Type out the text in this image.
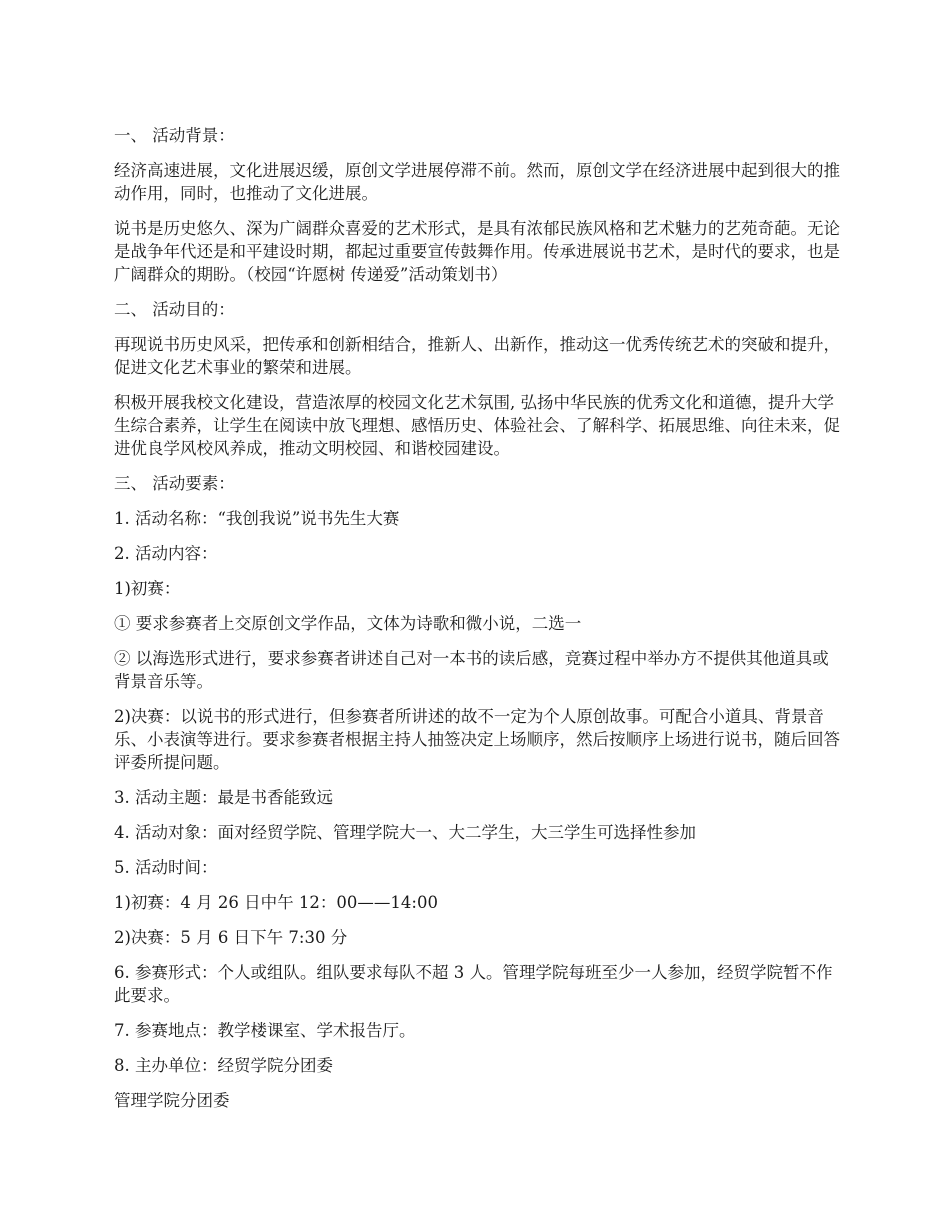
一、 活动背景：

经济高速进展，文化进展迟缓，原创文学进展停滞不前。然而，原创文学在经济进展中起到很大的推动作用，同时，也推动了文化进展。

说书是历史悠久、深为广阔群众喜爱的艺术形式，是具有浓郁民族风格和艺术魅力的艺苑奇葩。无论是战争年代还是和平建设时期，都起过重要宣传鼓舞作用。传承进展说书艺术，是时代的要求，也是广阔群众的期盼。（校园“许愿树 传递爱”活动策划书）

二、 活动目的：

再现说书历史风采，把传承和创新相结合，推新人、出新作，推动这一优秀传统艺术的突破和提升，促进文化艺术事业的繁荣和进展。

积极开展我校文化建设，营造浓厚的校园文化艺术氛围, 弘扬中华民族的优秀文化和道德，提升大学生综合素养，让学生在阅读中放飞理想、感悟历史、体验社会、了解科学、拓展思维、向往未来，促进优良学风校风养成，推动文明校园、和谐校园建设。

三、 活动要素：

1. 活动名称：“我创我说”说书先生大赛

2. 活动内容：

1)初赛：

① 要求参赛者上交原创文学作品，文体为诗歌和微小说，二选一

② 以海选形式进行，要求参赛者讲述自己对一本书的读后感，竞赛过程中举办方不提供其他道具或背景音乐等。

2)决赛：以说书的形式进行，但参赛者所讲述的故不一定为个人原创故事。可配合小道具、背景音乐、小表演等进行。要求参赛者根据主持人抽签决定上场顺序，然后按顺序上场进行说书，随后回答评委所提问题。

3. 活动主题：最是书香能致远

4. 活动对象：面对经贸学院、管理学院大一、大二学生，大三学生可选择性参加

5. 活动时间：

1)初赛：4 月 26 日中午 12：00——14:00

2)决赛：5 月 6 日下午 7:30 分

6. 参赛形式：个人或组队。组队要求每队不超 3 人。管理学院每班至少一人参加，经贸学院暂不作此要求。

7. 参赛地点：教学楼课室、学术报告厅。

8. 主办单位：经贸学院分团委

管理学院分团委
